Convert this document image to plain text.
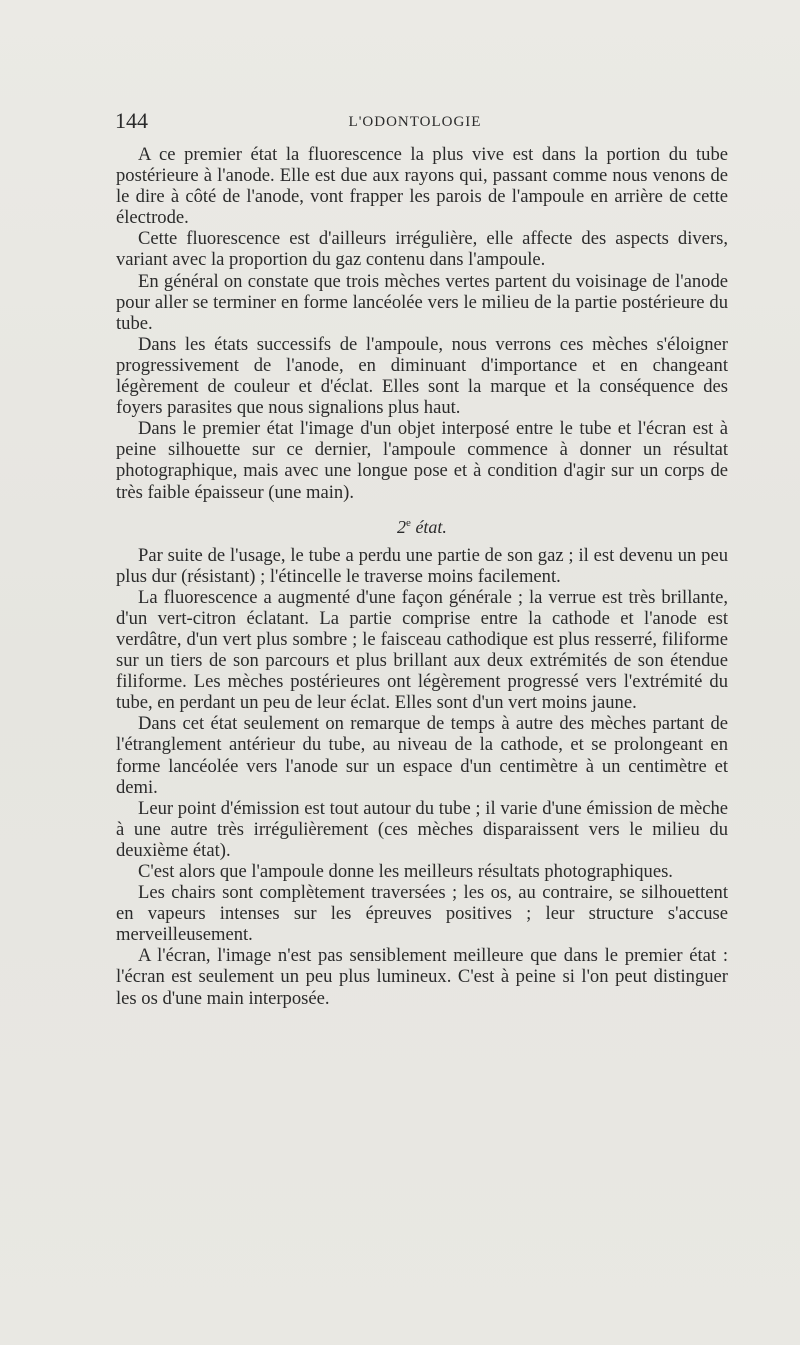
144	L'ODONTOLOGIE

A ce premier état la fluorescence la plus vive est dans la portion du tube postérieure à l'anode. Elle est due aux rayons qui, passant comme nous venons de le dire à côté de l'anode, vont frapper les parois de l'ampoule en arrière de cette électrode.

Cette fluorescence est d'ailleurs irrégulière, elle affecte des aspects divers, variant avec la proportion du gaz contenu dans l'ampoule.

En général on constate que trois mèches vertes partent du voisinage de l'anode pour aller se terminer en forme lancéolée vers le milieu de la partie postérieure du tube.

Dans les états successifs de l'ampoule, nous verrons ces mèches s'éloigner progressivement de l'anode, en diminuant d'importance et en changeant légèrement de couleur et d'éclat. Elles sont la marque et la conséquence des foyers parasites que nous signalions plus haut.

Dans le premier état l'image d'un objet interposé entre le tube et l'écran est à peine silhouette sur ce dernier, l'ampoule commence à donner un résultat photographique, mais avec une longue pose et à condition d'agir sur un corps de très faible épaisseur (une main).

2e état.

Par suite de l'usage, le tube a perdu une partie de son gaz ; il est devenu un peu plus dur (résistant) ; l'étincelle le traverse moins facilement.

La fluorescence a augmenté d'une façon générale ; la verrue est très brillante, d'un vert-citron éclatant. La partie comprise entre la cathode et l'anode est verdâtre, d'un vert plus sombre ; le faisceau cathodique est plus resserré, filiforme sur un tiers de son parcours et plus brillant aux deux extrémités de son étendue filiforme. Les mèches postérieures ont légèrement progressé vers l'extrémité du tube, en perdant un peu de leur éclat. Elles sont d'un vert moins jaune.

Dans cet état seulement on remarque de temps à autre des mèches partant de l'étranglement antérieur du tube, au niveau de la cathode, et se prolongeant en forme lancéolée vers l'anode sur un espace d'un centimètre à un centimètre et demi.

Leur point d'émission est tout autour du tube ; il varie d'une émission de mèche à une autre très irrégulièrement (ces mèches disparaissent vers le milieu du deuxième état).

C'est alors que l'ampoule donne les meilleurs résultats photographiques.

Les chairs sont complètement traversées ; les os, au contraire, se silhouettent en vapeurs intenses sur les épreuves positives ; leur structure s'accuse merveilleusement.

A l'écran, l'image n'est pas sensiblement meilleure que dans le premier état : l'écran est seulement un peu plus lumineux. C'est à peine si l'on peut distinguer les os d'une main interposée.
